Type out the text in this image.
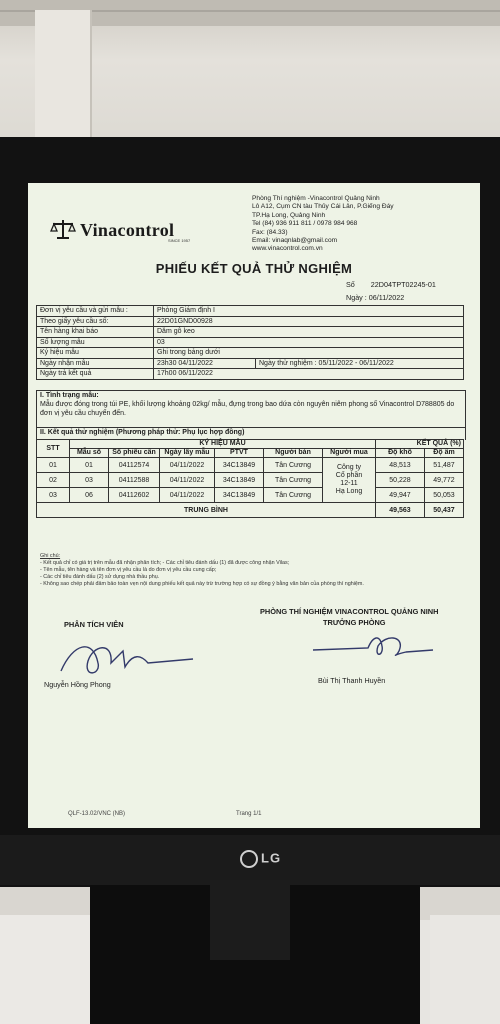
LG
Vinacontrol
SINCE 1957
Phòng Thí nghiệm -Vinacontrol Quảng Ninh
Lô A12, Cụm CN tàu Thủy Cái Lân, P.Giếng Đáy
TP.Hạ Long, Quảng Ninh
Tel (84) 936 911 811 / 0978 984 968
Fax: (84.33)
Email: vinaqnlab@gmail.com
www.vinacontrol.com.vn
PHIẾU KẾT QUẢ THỬ NGHIỆM
Số 22D04TPT02245-01
Ngày : 06/11/2022
Đơn vị yêu cầu và gửi mẫu :	Phòng Giám định I	
Theo giấy yêu cầu số:	22D01GND00928	
Tên hàng khai báo	Dăm gỗ keo	
Số lượng mẫu	03	
Ký hiệu mẫu	Ghi trong bảng dưới	
Ngày nhận mẫu	23h30 04/11/2022	Ngày thử nghiệm : 05/11/2022 - 06/11/2022
Ngày trả kết quả	17h00 06/11/2022	
I. Tình trạng mẫu:
Mẫu được đóng trong túi PE, khối lượng khoảng 02kg/ mẫu, đựng trong bao dứa còn nguyên niêm phong số Vinacontrol D788805 do đơn vị yêu cầu chuyển đến.
II. Kết quả thử nghiệm (Phương pháp thử: Phụ lục hợp đồng)
STT	KÝ HIỆU MẪU						KẾT QUẢ (%)	
	Mẫu số	Số phiếu cân	Ngày lấy mẫu	PTVT	Người bán	Người mua	Độ khô	Độ ẩm
01	01	04112574	04/11/2022	34C13849	Tân Cương	Công ty
Cổ phần
12-11
Hạ Long	48,513	51,487
02	03	04112588	04/11/2022	34C13849	Tân Cương		50,228	49,772
03	06	04112602	04/11/2022	34C13849	Tân Cương		49,947	50,053
TRUNG BÌNH							49,563	50,437
Ghi chú:
- Kết quả chỉ có giá trị trên mẫu đã nhận phân tích; - Các chỉ tiêu đánh dấu (1) đã được công nhận Vilas;
- Tên mẫu, tên hàng và tên đơn vị yêu cầu là do đơn vị yêu cầu cung cấp;
- Các chỉ tiêu đánh dấu (2) sử dụng nhà thầu phụ.
- Không sao chép phải đảm bảo toàn vẹn nội dung phiếu kết quả này trừ trường hợp có sự đồng ý bằng văn bản của phòng thí nghiệm.
PHÒNG THÍ NGHIỆM VINACONTROL QUẢNG NINH
TRƯỞNG PHÒNG
PHÂN TÍCH VIÊN
Nguyễn Hồng Phong	Bùi Thị Thanh Huyền
QLF-13.02/VNC (NB)	Trang 1/1
